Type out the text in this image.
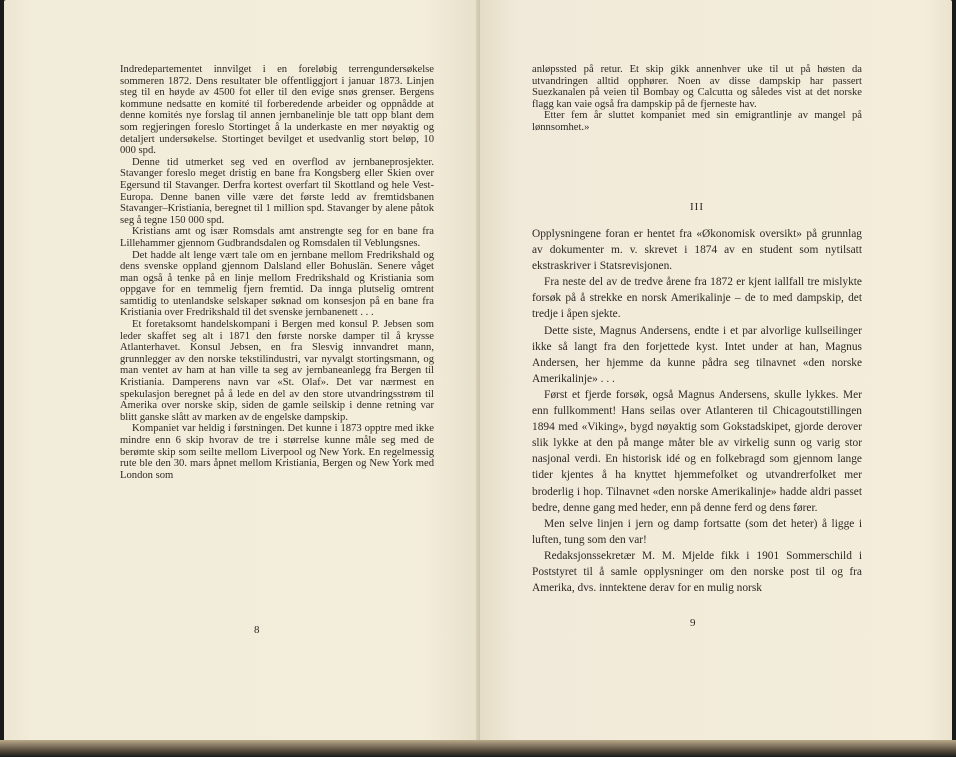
Indredepartementet innvilget i en foreløbig terrengundersøkelse sommeren 1872. Dens resultater ble offentliggjort i januar 1873. Linjen steg til en høyde av 4500 fot eller til den evige snøs grenser. Bergens kommune nedsatte en komité til forberedende arbeider og oppnådde at denne komités nye forslag til annen jernbanelinje ble tatt opp blant dem som regjeringen foreslo Stortinget å la underkaste en mer nøyaktig og detaljert undersøkelse. Stortinget bevilget et usedvanlig stort beløp, 10 000 spd.

Denne tid utmerket seg ved en overflod av jernbaneprosjekter. Stavanger foreslo meget dristig en bane fra Kongsberg eller Skien over Egersund til Stavanger. Derfra kortest overfart til Skottland og hele Vest-Europa. Denne banen ville være det første ledd av fremtidsbanen Stavanger–Kristiania, beregnet til 1 million spd. Stavanger by alene påtok seg å tegne 150 000 spd.

Kristians amt og især Romsdals amt anstrengte seg for en bane fra Lillehammer gjennom Gudbrandsdalen og Romsdalen til Veblungsnes.

Det hadde alt lenge vært tale om en jernbane mellom Fredrikshald og dens svenske oppland gjennom Dalsland eller Bohuslän. Senere våget man også å tenke på en linje mellom Fredrikshald og Kristiania som oppgave for en temmelig fjern fremtid. Da innga plutselig omtrent samtidig to utenlandske selskaper søknad om konsesjon på en bane fra Kristiania over Fredrikshald til det svenske jernbanenett . . .

Et foretaksomt handelskompani i Bergen med konsul P. Jebsen som leder skaffet seg alt i 1871 den første norske damper til å krysse Atlanterhavet. Konsul Jebsen, en fra Slesvig innvandret mann, grunnlegger av den norske tekstilindustri, var nyvalgt stortingsmann, og man ventet av ham at han ville ta seg av jernbaneanlegg fra Bergen til Kristiania. Damperens navn var «St. Olaf». Det var nærmest en spekulasjon beregnet på å lede en del av den store utvandringsstrøm til Amerika over norske skip, siden de gamle seilskip i denne retning var blitt ganske slått av marken av de engelske dampskip.

Kompaniet var heldig i førstningen. Det kunne i 1873 opptre med ikke mindre enn 6 skip hvorav de tre i størrelse kunne måle seg med de berømte skip som seilte mellom Liverpool og New York. En regelmessig rute ble den 30. mars åpnet mellom Kristiania, Bergen og New York med London som

8

anløpssted på retur. Et skip gikk annenhver uke til ut på høsten da utvandringen alltid opphører. Noen av disse dampskip har passert Suezkanalen på veien til Bombay og Calcutta og således vist at det norske flagg kan vaie også fra dampskip på de fjerneste hav.

Etter fem år sluttet kompaniet med sin emigrantlinje av mangel på lønnsomhet.»

III

Opplysningene foran er hentet fra «Økonomisk oversikt» på grunnlag av dokumenter m. v. skrevet i 1874 av en student som nytilsatt ekstraskriver i Statsrevisjonen.

Fra neste del av de tredve årene fra 1872 er kjent iallfall tre mislykte forsøk på å strekke en norsk Amerikalinje – de to med dampskip, det tredje i åpen sjekte.

Dette siste, Magnus Andersens, endte i et par alvorlige kullseilinger ikke så langt fra den forjettede kyst. Intet under at han, Magnus Andersen, her hjemme da kunne pådra seg tilnavnet «den norske Amerikalinje» . . .

Først et fjerde forsøk, også Magnus Andersens, skulle lykkes. Mer enn fullkomment! Hans seilas over Atlanteren til Chicagoutstillingen 1894 med «Viking», bygd nøyaktig som Gokstadskipet, gjorde derover slik lykke at den på mange måter ble av virkelig sunn og varig stor nasjonal verdi. En historisk idé og en folkebragd som gjennom lange tider kjentes å ha knyttet hjemmefolket og utvandrerfolket mer broderlig i hop. Tilnavnet «den norske Amerikalinje» hadde aldri passet bedre, denne gang med heder, enn på denne ferd og dens fører.

Men selve linjen i jern og damp fortsatte (som det heter) å ligge i luften, tung som den var!

Redaksjonssekretær M. M. Mjelde fikk i 1901 Sommerschild i Poststyret til å samle opplysninger om den norske post til og fra Amerika, dvs. inntektene derav for en mulig norsk

9
